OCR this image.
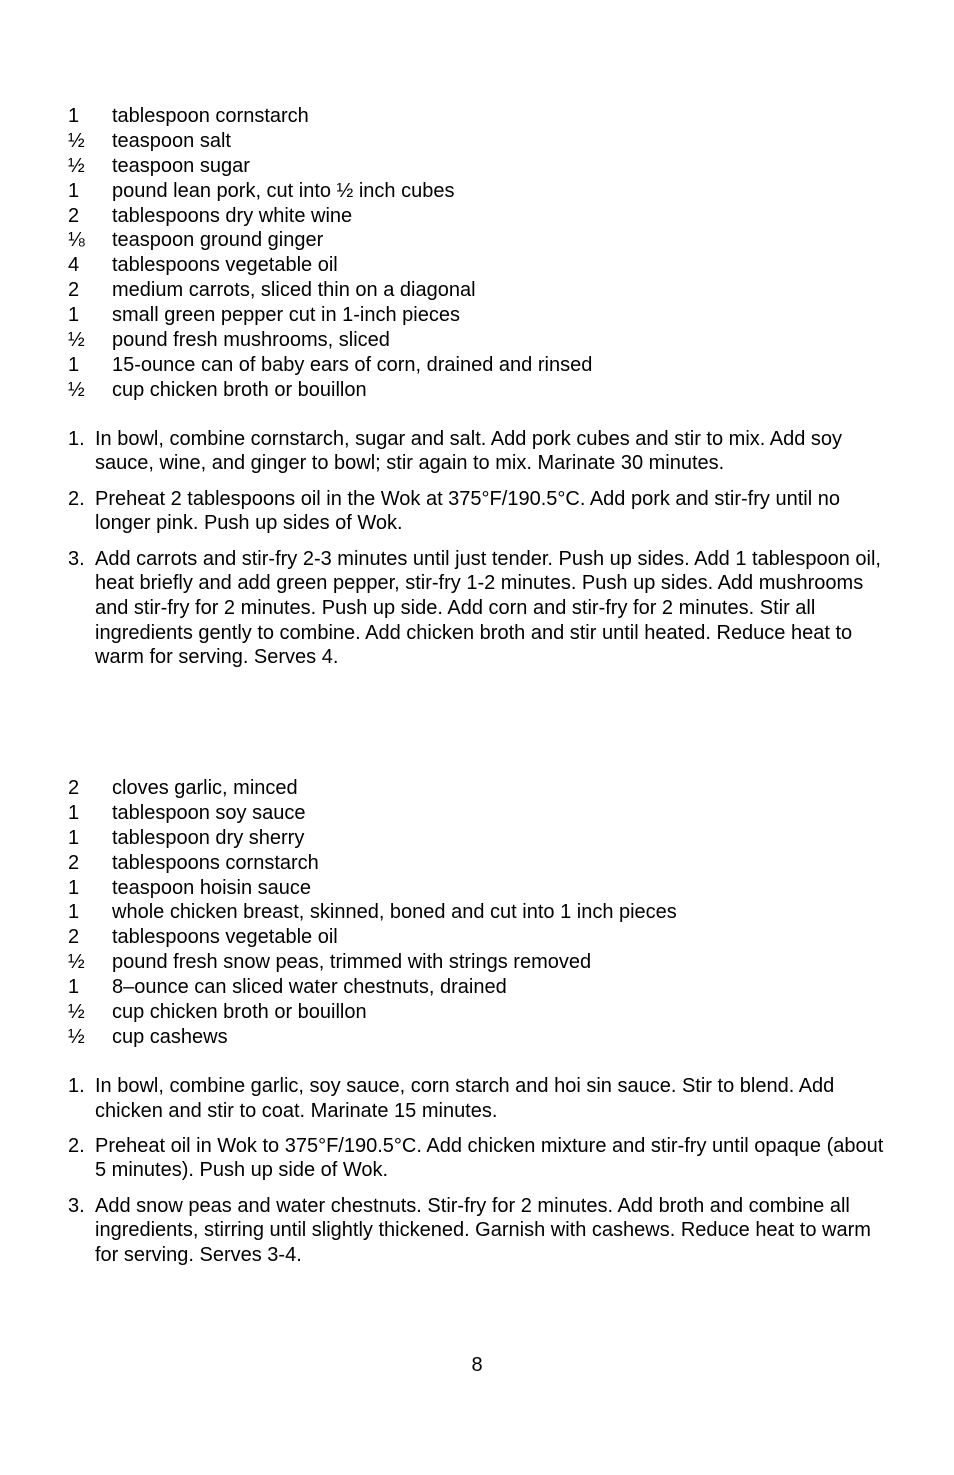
1	tablespoon cornstarch
½	teaspoon salt
½	teaspoon sugar
1	pound lean pork, cut into ½ inch cubes
2	tablespoons dry white wine
⅛	teaspoon ground ginger
4	tablespoons vegetable oil
2	medium carrots, sliced thin on a diagonal
1	small green pepper cut in 1-inch pieces
½	pound fresh mushrooms, sliced
1	15-ounce can of baby ears of corn, drained and rinsed
½	cup chicken broth or bouillon
1. In bowl, combine cornstarch, sugar and salt. Add pork cubes and stir to mix. Add soy sauce, wine, and ginger to bowl; stir again to mix. Marinate 30 minutes.
2. Preheat 2 tablespoons oil in the Wok at 375°F/190.5°C. Add pork and stir-fry until no longer pink. Push up sides of Wok.
3. Add carrots and stir-fry 2-3 minutes until just tender. Push up sides. Add 1 tablespoon oil, heat briefly and add green pepper, stir-fry 1-2 minutes. Push up sides. Add mushrooms and stir-fry for 2 minutes. Push up side. Add corn and stir-fry for 2 minutes. Stir all ingredients gently to combine. Add chicken broth and stir until heated. Reduce heat to warm for serving. Serves 4.
2	cloves garlic, minced
1	tablespoon soy sauce
1	tablespoon dry sherry
2	tablespoons cornstarch
1	teaspoon hoisin sauce
1	whole chicken breast, skinned, boned and cut into 1 inch pieces
2	tablespoons vegetable oil
½	pound fresh snow peas, trimmed with strings removed
1	8–ounce can sliced water chestnuts, drained
½	cup chicken broth or bouillon
½	cup cashews
1. In bowl, combine garlic, soy sauce, corn starch and hoi sin sauce. Stir to blend. Add chicken and stir to coat. Marinate 15 minutes.
2. Preheat oil in Wok to 375°F/190.5°C. Add chicken mixture and stir-fry until opaque (about 5 minutes). Push up side of Wok.
3. Add snow peas and water chestnuts. Stir-fry for 2 minutes. Add broth and combine all ingredients, stirring until slightly thickened. Garnish with cashews. Reduce heat to warm for serving. Serves 3-4.
8
